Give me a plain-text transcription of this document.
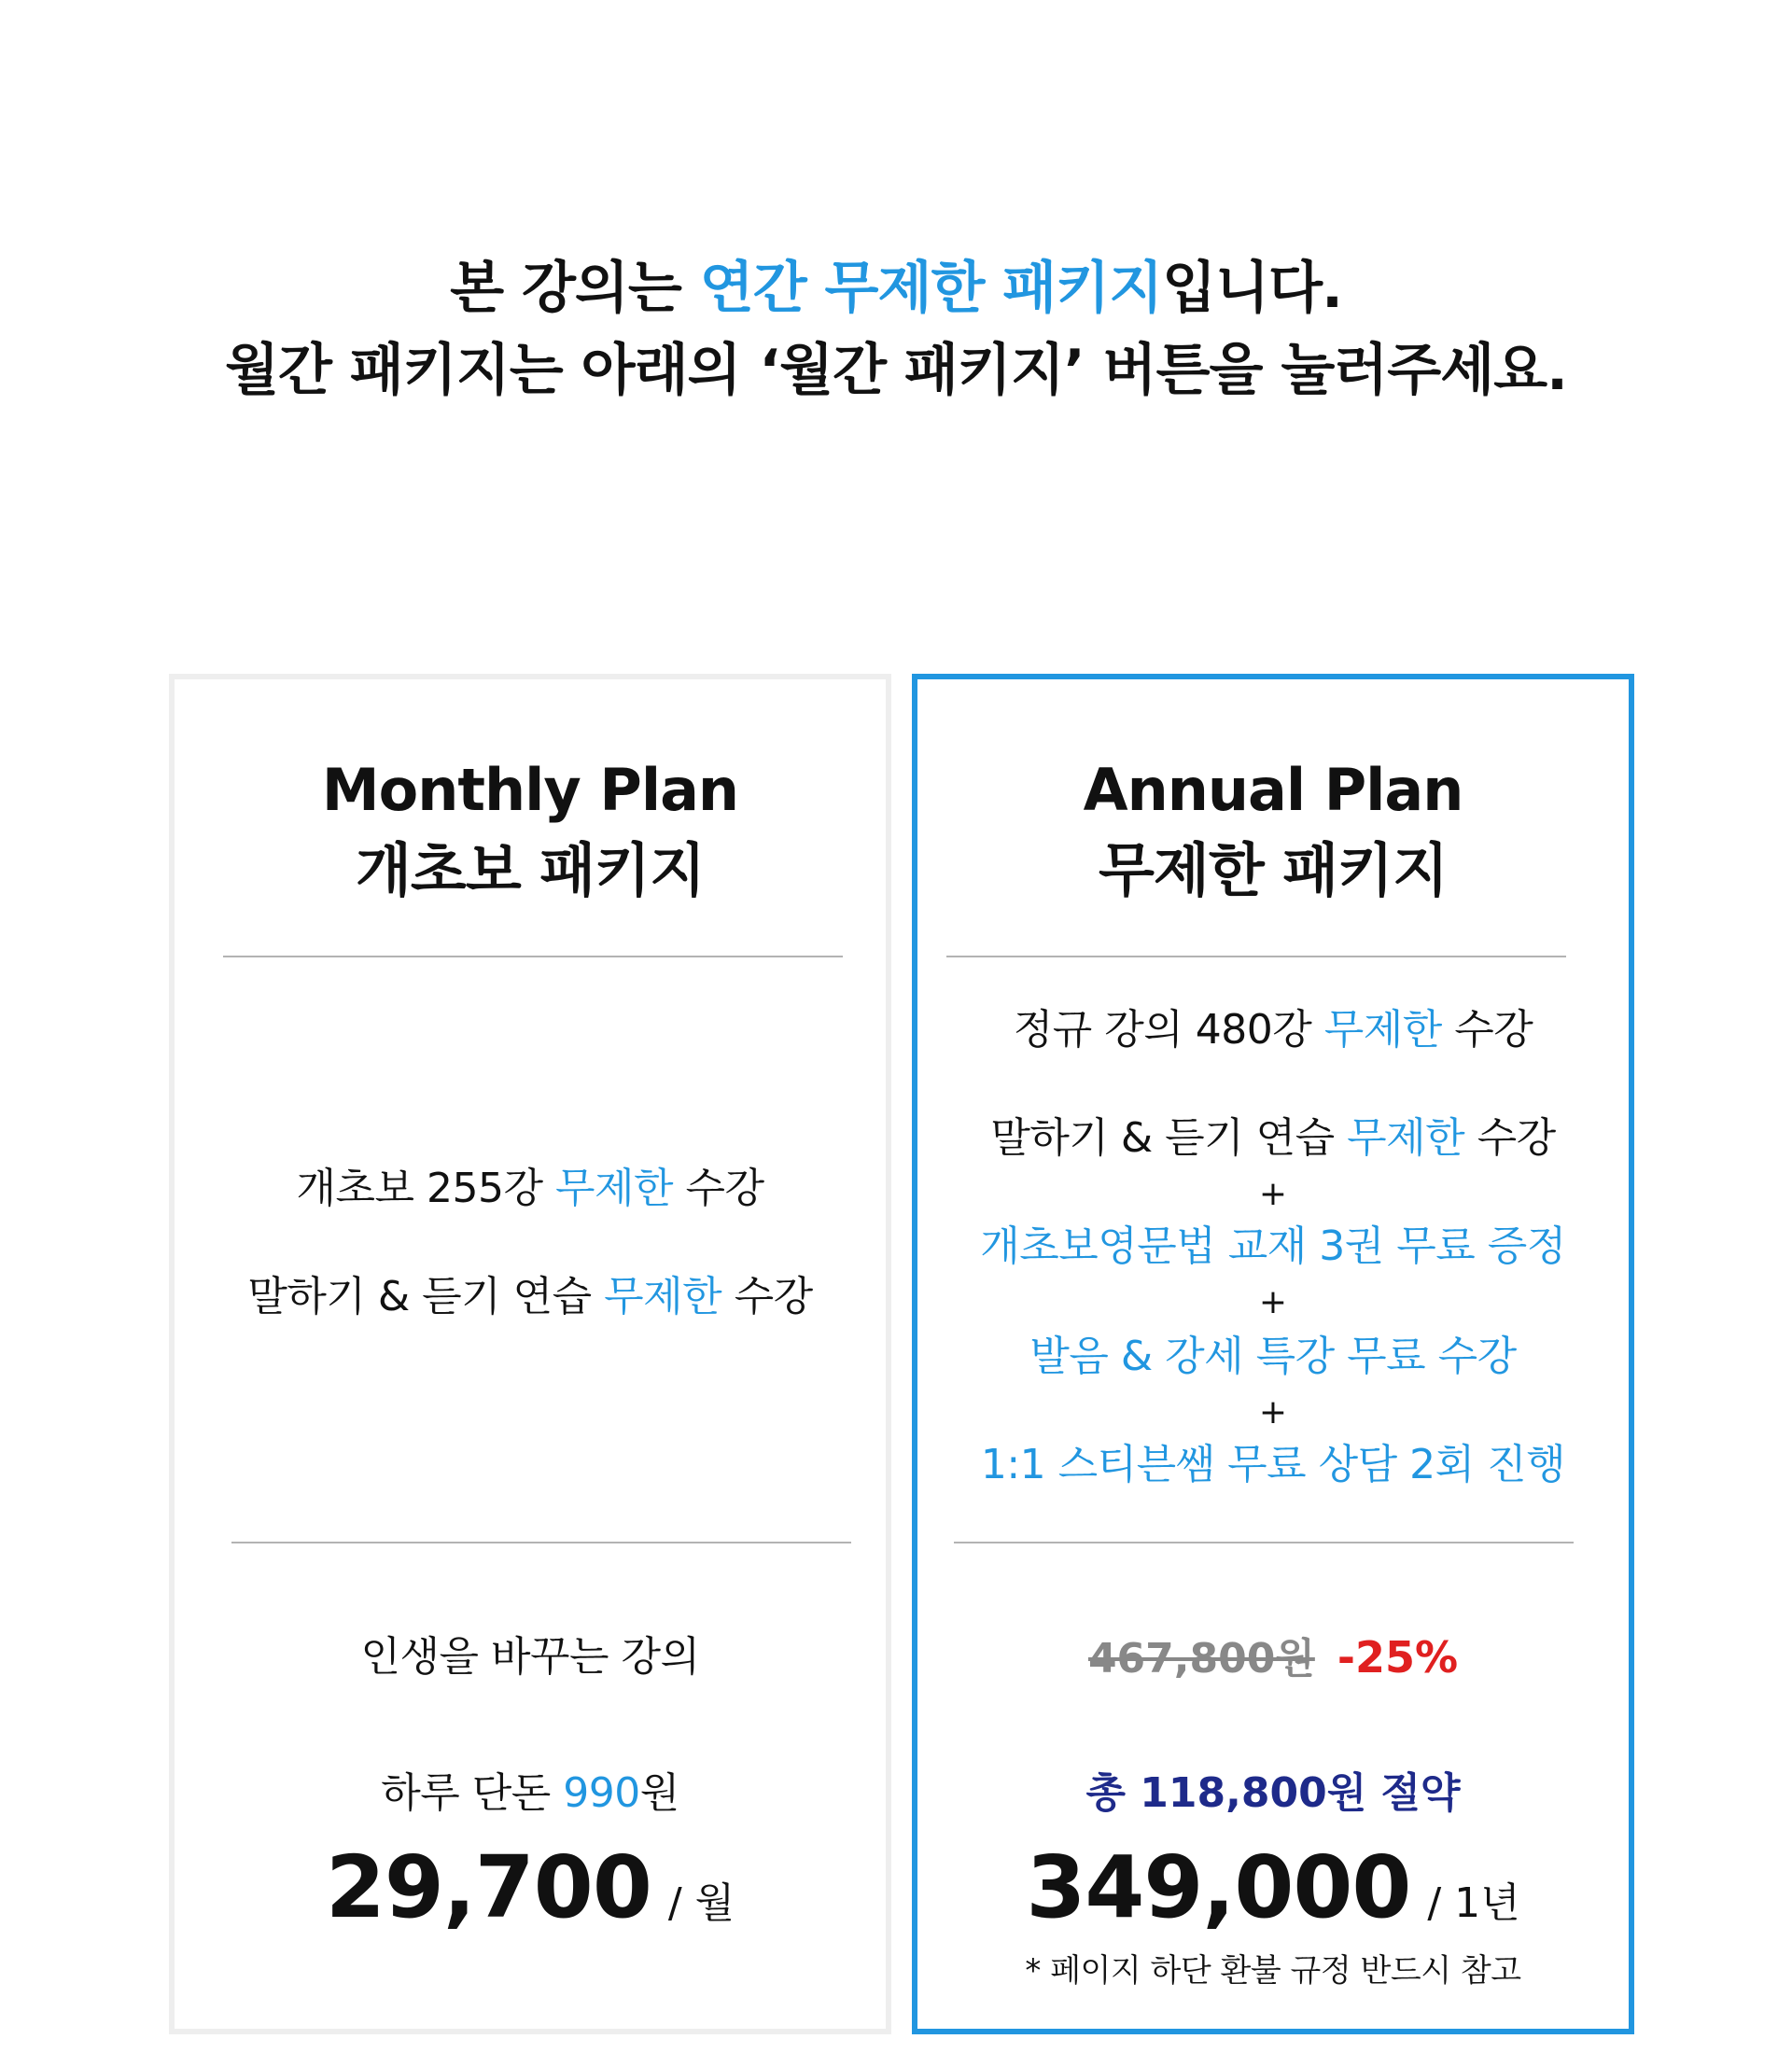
본 강의는 연간 무제한 패키지입니다.
월간 패키지는 아래의 ‘월간 패키지’ 버튼을 눌러주세요.
Monthly Plan
개초보 패키지
개초보 255강 무제한 수강
말하기 & 듣기 연습 무제한 수강
인생을 바꾸는 강의
하루 단돈 990원
29,700 / 월
Annual Plan
무제한 패키지
정규 강의 480강 무제한 수강
말하기 & 듣기 연습 무제한 수강
+
개초보영문법 교재 3권 무료 증정
+
발음 & 강세 특강 무료 수강
+
1:1 스티븐쌤 무료 상담 2회 진행
467,800원 -25%
총 118,800원 절약
349,000 / 1년
* 페이지 하단 환불 규정 반드시 참고
